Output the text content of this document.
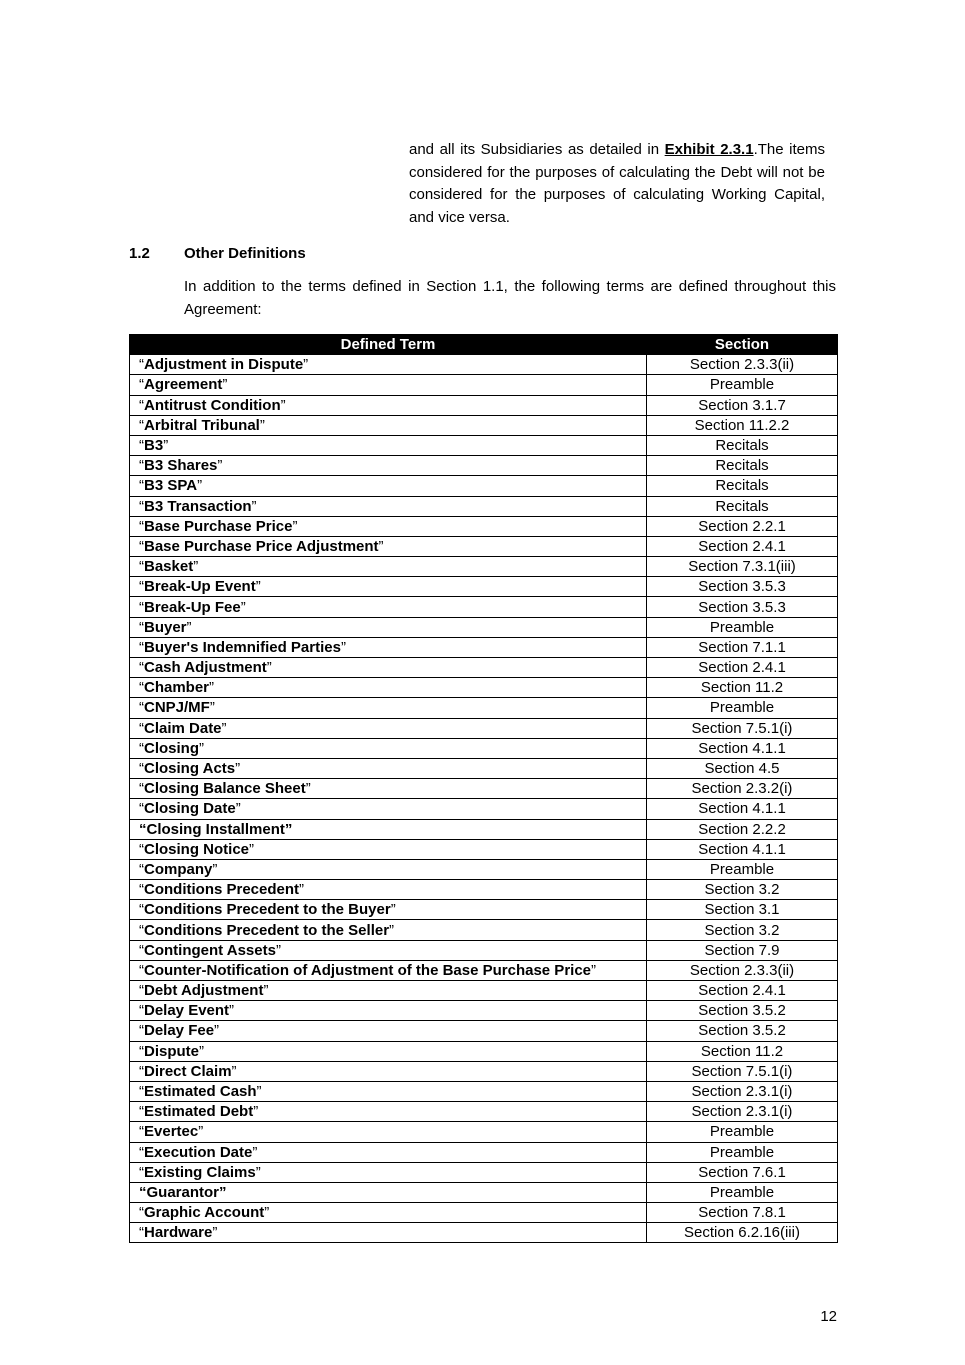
and all its Subsidiaries as detailed in Exhibit 2.3.1.The items considered for the purposes of calculating the Debt will not be considered for the purposes of calculating Working Capital, and vice versa.

1.2 Other Definitions

In addition to the terms defined in Section 1.1, the following terms are defined throughout this Agreement:

Defined Term	Section
“Adjustment in Dispute”	Section 2.3.3(ii)
“Agreement”	Preamble
“Antitrust Condition”	Section 3.1.7
“Arbitral Tribunal”	Section 11.2.2
“B3”	Recitals
“B3 Shares”	Recitals
“B3 SPA”	Recitals
“B3 Transaction”	Recitals
“Base Purchase Price”	Section 2.2.1
“Base Purchase Price Adjustment”	Section 2.4.1
“Basket”	Section 7.3.1(iii)
“Break-Up Event”	Section 3.5.3
“Break-Up Fee”	Section 3.5.3
“Buyer”	Preamble
“Buyer's Indemnified Parties”	Section 7.1.1
“Cash Adjustment”	Section 2.4.1
“Chamber”	Section 11.2
“CNPJ/MF”	Preamble
“Claim Date”	Section 7.5.1(i)
“Closing”	Section 4.1.1
“Closing Acts”	Section 4.5
“Closing Balance Sheet”	Section 2.3.2(i)
“Closing Date”	Section 4.1.1
“Closing Installment”	Section 2.2.2
“Closing Notice”	Section 4.1.1
“Company”	Preamble
“Conditions Precedent”	Section 3.2
“Conditions Precedent to the Buyer”	Section 3.1
“Conditions Precedent to the Seller”	Section 3.2
“Contingent Assets”	Section 7.9
“Counter-Notification of Adjustment of the Base Purchase Price”	Section 2.3.3(ii)
“Debt Adjustment”	Section 2.4.1
“Delay Event”	Section 3.5.2
“Delay Fee”	Section 3.5.2
“Dispute”	Section 11.2
“Direct Claim”	Section 7.5.1(i)
“Estimated Cash”	Section 2.3.1(i)
“Estimated Debt”	Section 2.3.1(i)
“Evertec”	Preamble
“Execution Date”	Preamble
“Existing Claims”	Section 7.6.1
“Guarantor”	Preamble
“Graphic Account”	Section 7.8.1
“Hardware”	Section 6.2.16(iii)
12
